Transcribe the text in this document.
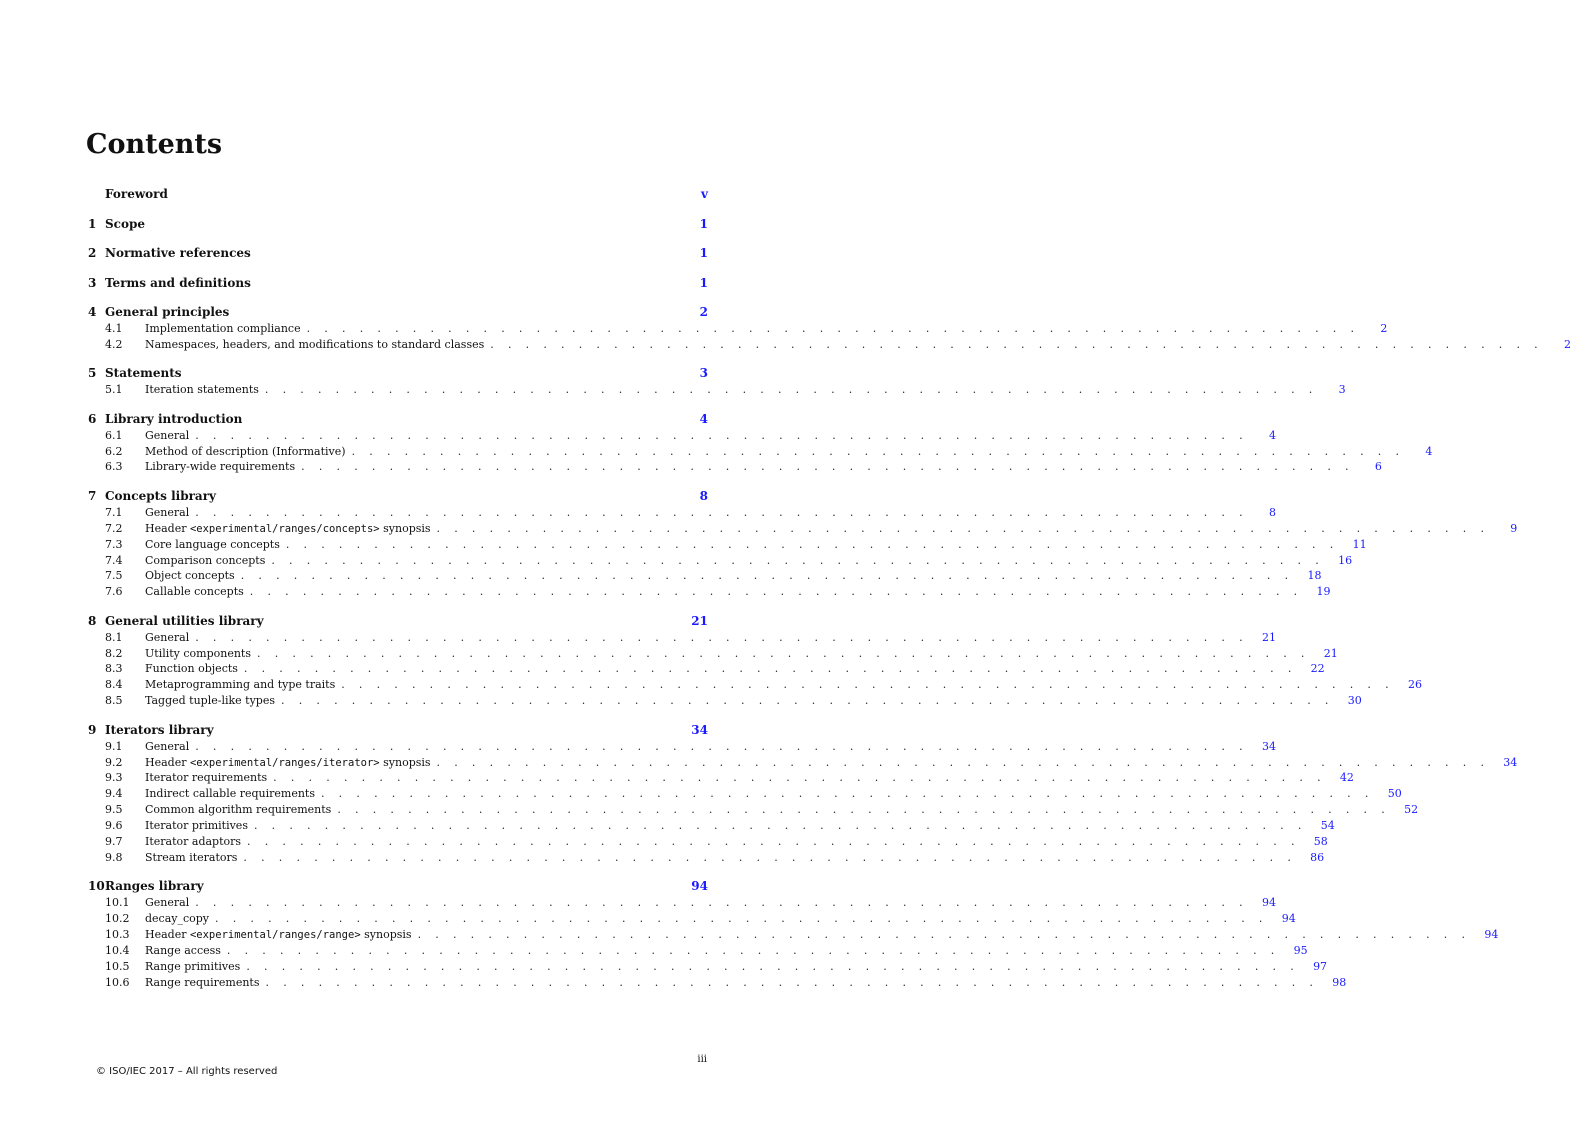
Contents
Foreword	v
1 Scope	1
2 Normative references	1
3 Terms and definitions	1
4 General principles	2
4.1	Implementation compliance . . . . . . . . . . . . . . . . . . . . . . . . . . . . . . . . . . . . . . . . . . . . . . . . . . . . . . . . . . . .	2
4.2	Namespaces, headers, and modifications to standard classes . . . . . . . . . . . . . . . . . . . . . . . . . . . . . . . . . . . . . . . . . . . . . . . . . . . . . . . . . . . .	2
5 Statements	3
5.1	Iteration statements . . . . . . . . . . . . . . . . . . . . . . . . . . . . . . . . . . . . . . . . . . . . . . . . . . . . . . . . . . . .	3
6 Library introduction	4
6.1	General . . . . . . . . . . . . . . . . . . . . . . . . . . . . . . . . . . . . . . . . . . . . . . . . . . . . . . . . . . . .	4
6.2	Method of description (Informative) . . . . . . . . . . . . . . . . . . . . . . . . . . . . . . . . . . . . . . . . . . . . . . . . . . . . . . . . . . . .	4
6.3	Library-wide requirements . . . . . . . . . . . . . . . . . . . . . . . . . . . . . . . . . . . . . . . . . . . . . . . . . . . . . . . . . . . .	6
7 Concepts library	8
7.1	General . . . . . . . . . . . . . . . . . . . . . . . . . . . . . . . . . . . . . . . . . . . . . . . . . . . . . . . . . . . .	8
7.2	Header <experimental/ranges/concepts> synopsis . . . . . . . . . . . . . . . . . . . . . . . . . . . . . . . . . . . . . . . . . . . . . . . . . . . . . . . . . . . .	9
7.3	Core language concepts . . . . . . . . . . . . . . . . . . . . . . . . . . . . . . . . . . . . . . . . . . . . . . . . . . . . . . . . . . . .	11
7.4	Comparison concepts . . . . . . . . . . . . . . . . . . . . . . . . . . . . . . . . . . . . . . . . . . . . . . . . . . . . . . . . . . . .	16
7.5	Object concepts . . . . . . . . . . . . . . . . . . . . . . . . . . . . . . . . . . . . . . . . . . . . . . . . . . . . . . . . . . . .	18
7.6	Callable concepts . . . . . . . . . . . . . . . . . . . . . . . . . . . . . . . . . . . . . . . . . . . . . . . . . . . . . . . . . . . .	19
8 General utilities library	21
8.1	General . . . . . . . . . . . . . . . . . . . . . . . . . . . . . . . . . . . . . . . . . . . . . . . . . . . . . . . . . . . .	21
8.2	Utility components . . . . . . . . . . . . . . . . . . . . . . . . . . . . . . . . . . . . . . . . . . . . . . . . . . . . . . . . . . . .	21
8.3	Function objects . . . . . . . . . . . . . . . . . . . . . . . . . . . . . . . . . . . . . . . . . . . . . . . . . . . . . . . . . . . .	22
8.4	Metaprogramming and type traits . . . . . . . . . . . . . . . . . . . . . . . . . . . . . . . . . . . . . . . . . . . . . . . . . . . . . . . . . . . .	26
8.5	Tagged tuple-like types . . . . . . . . . . . . . . . . . . . . . . . . . . . . . . . . . . . . . . . . . . . . . . . . . . . . . . . . . . . .	30
9 Iterators library	34
9.1	General . . . . . . . . . . . . . . . . . . . . . . . . . . . . . . . . . . . . . . . . . . . . . . . . . . . . . . . . . . . .	34
9.2	Header <experimental/ranges/iterator> synopsis . . . . . . . . . . . . . . . . . . . . . . . . . . . . . . . . . . . . . . . . . . . . . . . . . . . . . . . . . . . .	34
9.3	Iterator requirements . . . . . . . . . . . . . . . . . . . . . . . . . . . . . . . . . . . . . . . . . . . . . . . . . . . . . . . . . . . .	42
9.4	Indirect callable requirements . . . . . . . . . . . . . . . . . . . . . . . . . . . . . . . . . . . . . . . . . . . . . . . . . . . . . . . . . . . .	50
9.5	Common algorithm requirements . . . . . . . . . . . . . . . . . . . . . . . . . . . . . . . . . . . . . . . . . . . . . . . . . . . . . . . . . . . .	52
9.6	Iterator primitives . . . . . . . . . . . . . . . . . . . . . . . . . . . . . . . . . . . . . . . . . . . . . . . . . . . . . . . . . . . .	54
9.7	Iterator adaptors . . . . . . . . . . . . . . . . . . . . . . . . . . . . . . . . . . . . . . . . . . . . . . . . . . . . . . . . . . . .	58
9.8	Stream iterators . . . . . . . . . . . . . . . . . . . . . . . . . . . . . . . . . . . . . . . . . . . . . . . . . . . . . . . . . . . .	86
10 Ranges library	94
10.1	General . . . . . . . . . . . . . . . . . . . . . . . . . . . . . . . . . . . . . . . . . . . . . . . . . . . . . . . . . . . .	94
10.2	decay_copy . . . . . . . . . . . . . . . . . . . . . . . . . . . . . . . . . . . . . . . . . . . . . . . . . . . . . . . . . . . .	94
10.3	Header <experimental/ranges/range> synopsis . . . . . . . . . . . . . . . . . . . . . . . . . . . . . . . . . . . . . . . . . . . . . . . . . . . . . . . . . . . .	94
10.4	Range access . . . . . . . . . . . . . . . . . . . . . . . . . . . . . . . . . . . . . . . . . . . . . . . . . . . . . . . . . . . .	95
10.5	Range primitives . . . . . . . . . . . . . . . . . . . . . . . . . . . . . . . . . . . . . . . . . . . . . . . . . . . . . . . . . . . .	97
10.6	Range requirements . . . . . . . . . . . . . . . . . . . . . . . . . . . . . . . . . . . . . . . . . . . . . . . . . . . . . . . . . . . .	98
iii
© ISO/IEC 2017 – All rights reserved
